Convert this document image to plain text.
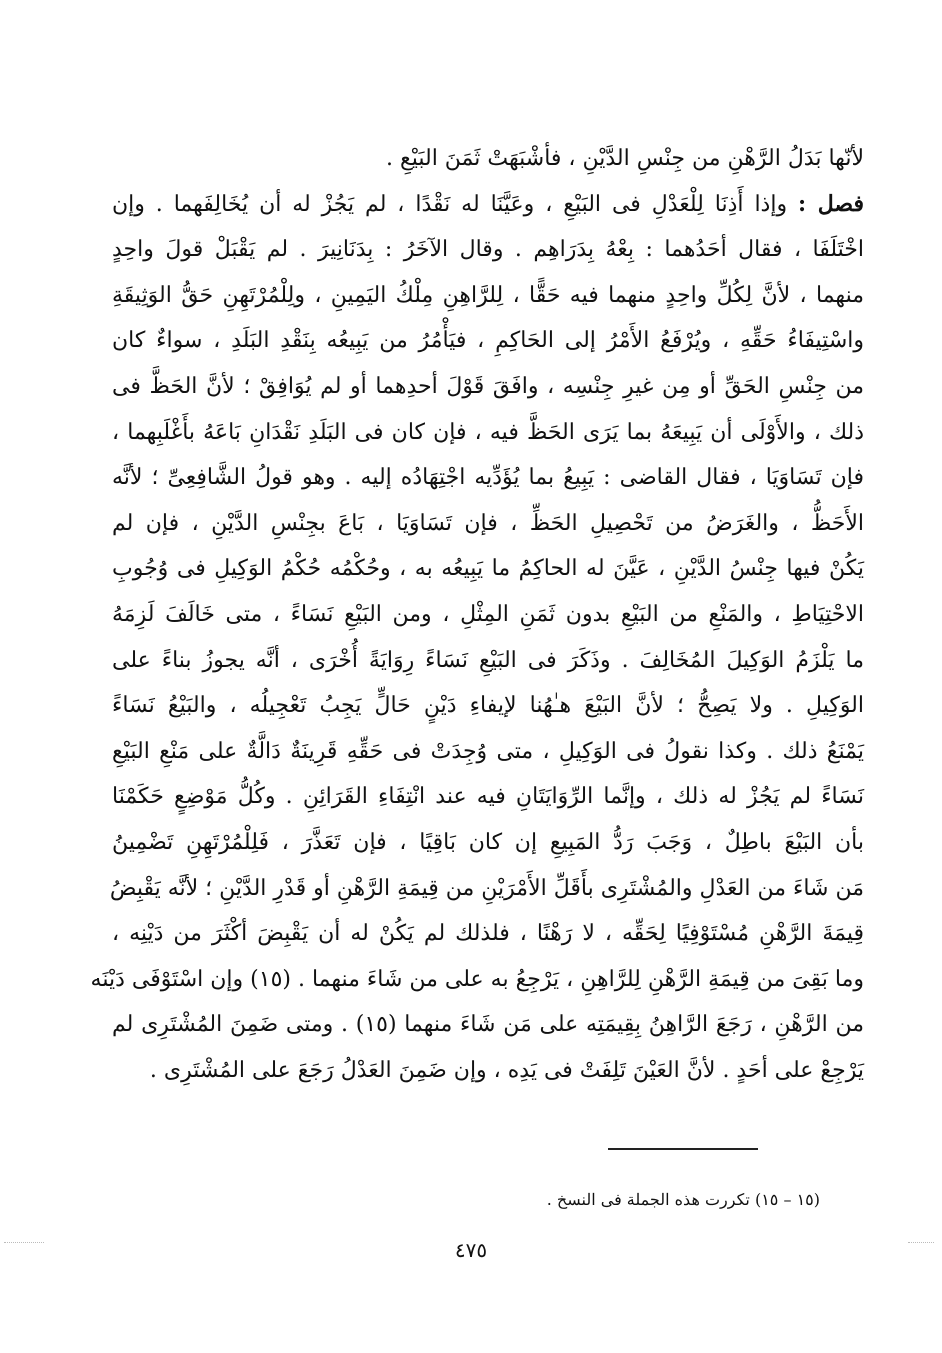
لأنّها بَدَلُ الرَّهْنِ من جِنْسِ الدَّيْنِ ، فأشْبَهَتْ ثَمَنَ البَيْعِ .
فصل : وإذا أَذِنَا لِلْعَدْلِ فى البَيْعِ ، وعَيَّنَا له نَقْدًا ، لم يَجُزْ له أن يُخَالِفَهما . وإن
اخْتَلَفَا ، فقال أحَدُهما : بِعْهُ بِدَرَاهِم . وقال الآخَرُ : بِدَنَانِيرَ . لم يَقْبَلْ قولَ واحِدٍ
منهما ، لأنَّ لِكُلِّ واحِدٍ منهما فيه حَقًّا ، لِلرَّاهِنِ مِلْكُ اليَمِينِ ، ولِلْمُرْتَهِنِ حَقُّ الوَثِيقَةِ
واسْتِيفَاءُ حَقِّهِ ، ويُرْفَعُ الأَمْرُ إلى الحَاكِمِ ، فيَأْمُرُ من يَبِيعُه بِنَقْدِ البَلَدِ ، سواءٌ كان
من جِنْسِ الحَقِّ أو مِن غيرِ جِنْسِه ، وافَقَ قَوْلَ أحدِهما أو لم يُوَافِقْ ؛ لأنَّ الحَظَّ فى
ذلك ، والأَوْلَى أن يَبِيعَهُ بما يَرَى الحَظَّ فيه ، فإن كان فى البَلَدِ نَقْدَانِ بَاعَهُ بأَغْلَبِهما ،
فإن تَسَاوَيَا ، فقال القاضى : يَبِيعُ بما يُؤَدِّيه اجْتِهَادُه إليه . وهو قولُ الشَّافِعِىِّ ؛ لأنَّه
الأَحَظُّ ، والغَرَضُ من تَحْصِيلِ الحَظِّ ، فإن تَسَاوَيَا ، بَاعَ بجِنْسِ الدَّيْنِ ، فإن لم
يَكُنْ فيها جِنْسُ الدَّيْنِ ، عَيَّنَ له الحاكِمُ ما يَبِيعُه به ، وحُكْمُه حُكْمُ الوَكِيلِ فى وُجُوبِ
الاحْتِيَاطِ ، والمَنْعِ من البَيْعِ بدون ثَمَنِ المِثْلِ ، ومن البَيْعِ نَسَاءً ، متى خَالَفَ لَزِمَهُ
ما يَلْزَمُ الوَكِيلَ المُخَالِفَ . وذَكَرَ فى البَيْعِ نَسَاءً رِوَايَةً أُخْرَى ، أنَّه يجوزُ بناءً على
الوَكِيلِ . ولا يَصِحُّ ؛ لأنَّ البَيْعَ هـٰهُنا لإيفاءِ دَيْنٍ حَالٍّ يَجِبُ تَعْجِيلُه ، والبَيْعُ نَسَاءً
يَمْنَعُ ذلك . وكذا نقولُ فى الوَكِيلِ ، متى وُجِدَتْ فى حَقِّهِ قَرِينَةٌ دَالَّةٌ على مَنْعِ البَيْعِ
نَسَاءً لم يَجُزْ له ذلك ، وإنَّما الرِّوَايَتَانِ فيه عند انْتِفَاءِ القَرَائِنِ . وكُلُّ مَوْضِعٍ حَكَمْنَا
بأن البَيْعَ باطِلٌ ، وَجَبَ رَدُّ المَبِيعِ إن كان بَاقِيًا ، فإن تَعَذَّرَ ، فَلِلْمُرْتَهِنِ تَضْمِينُ
مَن شَاءَ من العَدْلِ والمُشْتَرِى بأَقَلِّ الأَمْرَيْنِ من قِيمَةِ الرَّهْنِ أو قَدْرِ الدَّيْنِ ؛ لأنَّه يَقْبِضُ
قِيمَةَ الرَّهْنِ مُسْتَوْفِيًا لِحَقِّه ، لا رَهْنًا ، فلذلك لم يَكُنْ له أن يَقْبِضَ أكْثَرَ من دَيْنِه ،
وما بَقِىَ من قِيمَةِ الرَّهْنِ لِلرَّاهِنِ ، يَرْجِعُ به على من شَاءَ منهما . (١٥) وإن اسْتَوْفَى دَيْنَه
من الرَّهْنِ ، رَجَعَ الرَّاهِنُ بِقِيمَتِه على مَن شَاءَ منهما (١٥) . ومتى ضَمِنَ المُشْتَرِى لم
يَرْجِعْ على أحَدٍ . لأنَّ العَيْنَ تَلِفَتْ فى يَدِه ، وإن ضَمِنَ العَدْلُ رَجَعَ على المُشْتَرِى .
(١٥ – ١٥) تكررت هذه الجملة فى النسخ .
٤٧٥
